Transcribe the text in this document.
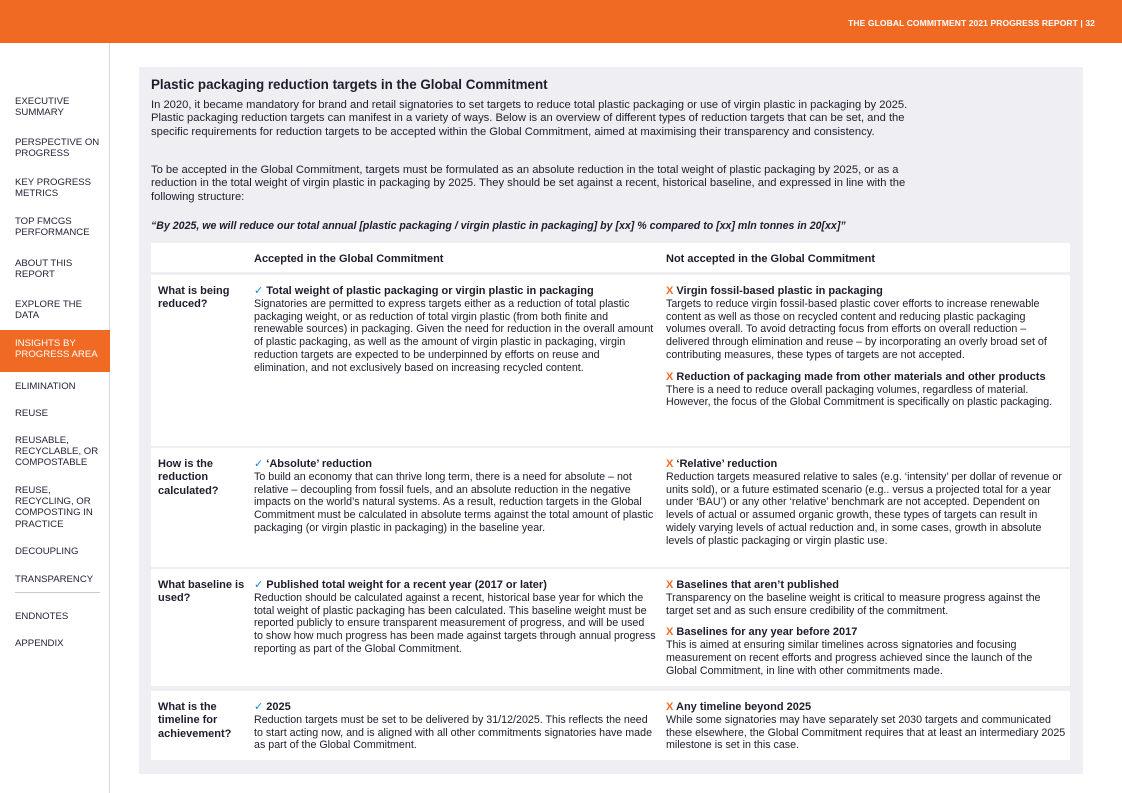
THE GLOBAL COMMITMENT 2021 PROGRESS REPORT | 32
EXECUTIVE SUMMARY
PERSPECTIVE ON PROGRESS
KEY PROGRESS METRICS
TOP FMCGS PERFORMANCE
ABOUT THIS REPORT
EXPLORE THE DATA
INSIGHTS BY PROGRESS AREA
ELIMINATION
REUSE
REUSABLE, RECYCLABLE, OR COMPOSTABLE
REUSE, RECYCLING, OR COMPOSTING IN PRACTICE
DECOUPLING
TRANSPARENCY
ENDNOTES
APPENDIX
Plastic packaging reduction targets in the Global Commitment

In 2020, it became mandatory for brand and retail signatories to set targets to reduce total plastic packaging or use of virgin plastic in packaging by 2025. Plastic packaging reduction targets can manifest in a variety of ways. Below is an overview of different types of reduction targets that can be set, and the specific requirements for reduction targets to be accepted within the Global Commitment, aimed at maximising their transparency and consistency.

To be accepted in the Global Commitment, targets must be formulated as an absolute reduction in the total weight of plastic packaging by 2025, or as a reduction in the total weight of virgin plastic in packaging by 2025. They should be set against a recent, historical baseline, and expressed in line with the following structure:

“By 2025, we will reduce our total annual [plastic packaging / virgin plastic in packaging] by [xx] % compared to [xx] mln tonnes in 20[xx]”

Accepted in the Global Commitment	Not accepted in the Global Commitment
What is being reduced?
✓ Total weight of plastic packaging or virgin plastic in packaging
Signatories are permitted to express targets either as a reduction of total plastic packaging weight, or as reduction of total virgin plastic (from both finite and renewable sources) in packaging. Given the need for reduction in the overall amount of plastic packaging, as well as the amount of virgin plastic in packaging, virgin reduction targets are expected to be underpinned by efforts on reuse and elimination, and not exclusively based on increasing recycled content.
X Virgin fossil-based plastic in packaging
Targets to reduce virgin fossil-based plastic cover efforts to increase renewable content as well as those on recycled content and reducing plastic packaging volumes overall. To avoid detracting focus from efforts on overall reduction – delivered through elimination and reuse – by incorporating an overly broad set of contributing measures, these types of targets are not accepted.
X Reduction of packaging made from other materials and other products
There is a need to reduce overall packaging volumes, regardless of material. However, the focus of the Global Commitment is specifically on plastic packaging.
How is the reduction calculated?
✓ ‘Absolute’ reduction
To build an economy that can thrive long term, there is a need for absolute – not relative – decoupling from fossil fuels, and an absolute reduction in the negative impacts on the world’s natural systems. As a result, reduction targets in the Global Commitment must be calculated in absolute terms against the total amount of plastic packaging (or virgin plastic in packaging) in the baseline year.
X ‘Relative’ reduction
Reduction targets measured relative to sales (e.g. ‘intensity’ per dollar of revenue or units sold), or a future estimated scenario (e.g.. versus a projected total for a year under ‘BAU’) or any other ‘relative’ benchmark are not accepted. Dependent on levels of actual or assumed organic growth, these types of targets can result in widely varying levels of actual reduction and, in some cases, growth in absolute levels of plastic packaging or virgin plastic use.
What baseline is used?
✓ Published total weight for a recent year (2017 or later)
Reduction should be calculated against a recent, historical base year for which the total weight of plastic packaging has been calculated. This baseline weight must be reported publicly to ensure transparent measurement of progress, and will be used to show how much progress has been made against targets through annual progress reporting as part of the Global Commitment.
X Baselines that aren’t published
Transparency on the baseline weight is critical to measure progress against the target set and as such ensure credibility of the commitment.
X Baselines for any year before 2017
This is aimed at ensuring similar timelines across signatories and focusing measurement on recent efforts and progress achieved since the launch of the Global Commitment, in line with other commitments made.
What is the timeline for achievement?
✓ 2025
Reduction targets must be set to be delivered by 31/12/2025. This reflects the need to start acting now, and is aligned with all other commitments signatories have made as part of the Global Commitment.
X Any timeline beyond 2025
While some signatories may have separately set 2030 targets and communicated these elsewhere, the Global Commitment requires that at least an intermediary 2025 milestone is set in this case.
